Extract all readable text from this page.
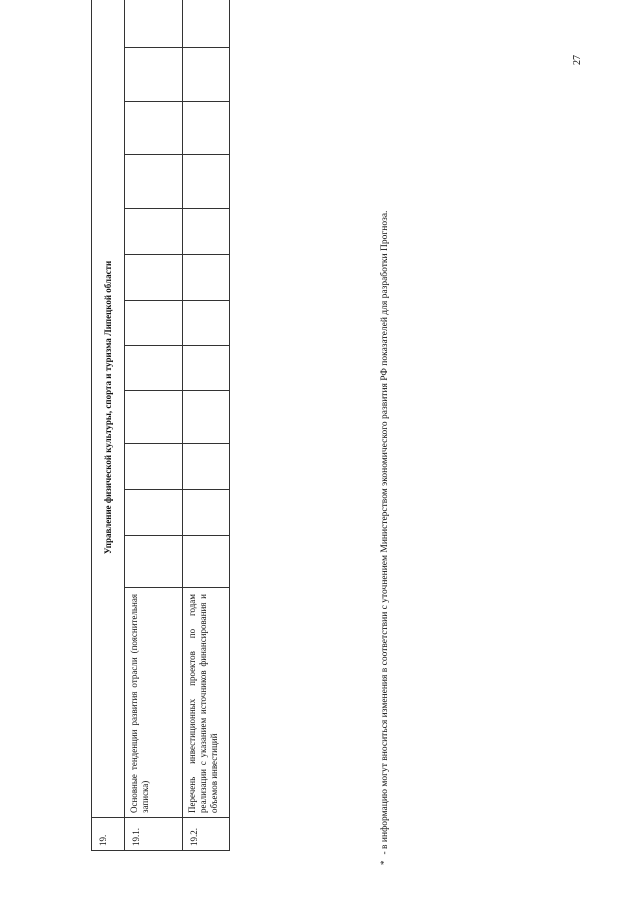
19.	Управление физической культуры, спорта и туризма Липецкой области												
19.1.	Основные тенденции развития отрасли (пояснительная записка)												
19.2.	Перечень инвестиционных проектов по годам реализации с указанием источников финансирования и объемов инвестиций												
*- в информацию могут вноситься изменения в соответствии с уточнением Министерством экономического развития РФ показателей для разработки Прогноза.
27
